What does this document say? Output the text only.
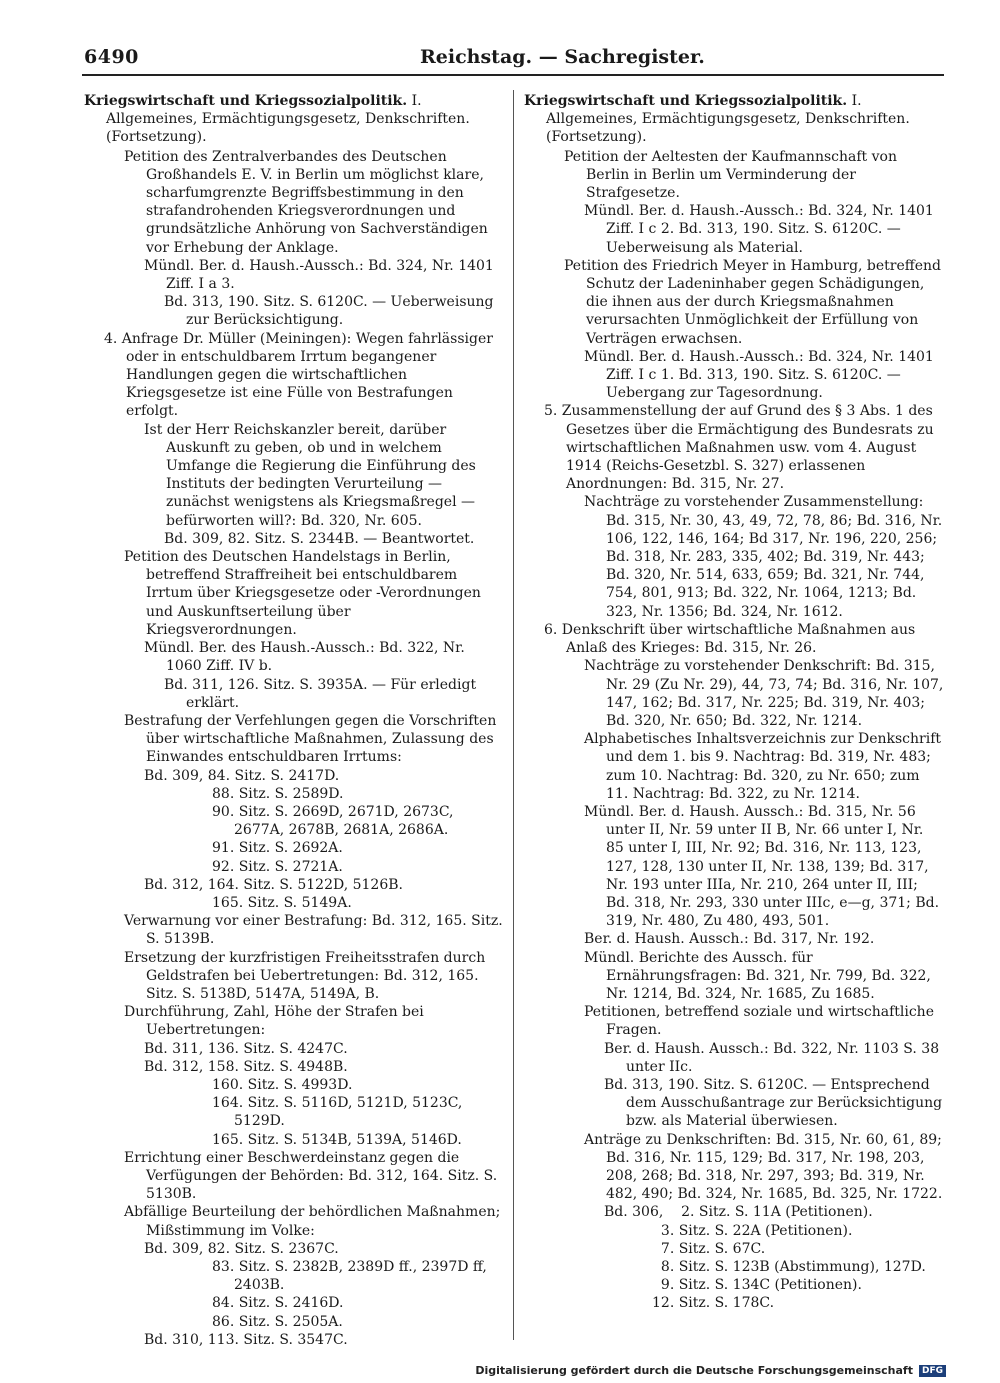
6490	Reichstag. — Sachregister.

Kriegswirtschaft und Kriegssozialpolitik. I. Allgemeines, Ermächtigungsgesetz, Denkschriften. (Fortsetzung).

Petition des Zentralverbandes des Deutschen Großhandels E. V. in Berlin um möglichst klare, scharfumgrenzte Begriffsbestimmung in den strafandrohenden Kriegsverordnungen und grundsätzliche Anhörung von Sachverständigen vor Erhebung der Anklage.

Mündl. Ber. d. Haush.-Aussch.: Bd. 324, Nr. 1401 Ziff. I a 3.

Bd. 313, 190. Sitz. S. 6120C. — Ueberweisung zur Berücksichtigung.

4. Anfrage Dr. Müller (Meiningen): Wegen fahrlässiger oder in entschuldbarem Irrtum begangener Handlungen gegen die wirtschaftlichen Kriegsgesetze ist eine Fülle von Bestrafungen erfolgt.

Ist der Herr Reichskanzler bereit, darüber Auskunft zu geben, ob und in welchem Umfange die Regierung die Einführung des Instituts der bedingten Verurteilung — zunächst wenigstens als Kriegsmaßregel — befürworten will?: Bd. 320, Nr. 605.

Bd. 309, 82. Sitz. S. 2344B. — Beantwortet.

Petition des Deutschen Handelstags in Berlin, betreffend Straffreiheit bei entschuldbarem Irrtum über Kriegsgesetze oder -Verordnungen und Auskunftserteilung über Kriegsverordnungen.

Mündl. Ber. des Haush.-Aussch.: Bd. 322, Nr. 1060 Ziff. IV b.

Bd. 311, 126. Sitz. S. 3935A. — Für erledigt erklärt.

Bestrafung der Verfehlungen gegen die Vorschriften über wirtschaftliche Maßnahmen, Zulassung des Einwandes entschuldbaren Irrtums:

Bd. 309, 84. Sitz. S. 2417D.

88. Sitz. S. 2589D.

90. Sitz. S. 2669D, 2671D, 2673C, 2677A, 2678B, 2681A, 2686A.

91. Sitz. S. 2692A.

92. Sitz. S. 2721A.

Bd. 312, 164. Sitz. S. 5122D, 5126B.

165. Sitz. S. 5149A.

Verwarnung vor einer Bestrafung: Bd. 312, 165. Sitz. S. 5139B.

Ersetzung der kurzfristigen Freiheitsstrafen durch Geldstrafen bei Uebertretungen: Bd. 312, 165. Sitz. S. 5138D, 5147A, 5149A, B.

Durchführung, Zahl, Höhe der Strafen bei Uebertretungen:

Bd. 311, 136. Sitz. S. 4247C.

Bd. 312, 158. Sitz. S. 4948B.

160. Sitz. S. 4993D.

164. Sitz. S. 5116D, 5121D, 5123C, 5129D.

165. Sitz. S. 5134B, 5139A, 5146D.

Errichtung einer Beschwerdeinstanz gegen die Verfügungen der Behörden: Bd. 312, 164. Sitz. S. 5130B.

Abfällige Beurteilung der behördlichen Maßnahmen; Mißstimmung im Volke:

Bd. 309, 82. Sitz. S. 2367C.

83. Sitz. S. 2382B, 2389D ff., 2397D ff, 2403B.

84. Sitz. S. 2416D.

86. Sitz. S. 2505A.

Bd. 310, 113. Sitz. S. 3547C.

Kriegswirtschaft und Kriegssozialpolitik. I. Allgemeines, Ermächtigungsgesetz, Denkschriften. (Fortsetzung).

Petition der Aeltesten der Kaufmannschaft von Berlin in Berlin um Verminderung der Strafgesetze.

Mündl. Ber. d. Haush.-Aussch.: Bd. 324, Nr. 1401 Ziff. I c 2. Bd. 313, 190. Sitz. S. 6120C. — Ueberweisung als Material.

Petition des Friedrich Meyer in Hamburg, betreffend Schutz der Ladeninhaber gegen Schädigungen, die ihnen aus der durch Kriegsmaßnahmen verursachten Unmöglichkeit der Erfüllung von Verträgen erwachsen.

Mündl. Ber. d. Haush.-Aussch.: Bd. 324, Nr. 1401 Ziff. I c 1. Bd. 313, 190. Sitz. S. 6120C. — Uebergang zur Tagesordnung.

5. Zusammenstellung der auf Grund des § 3 Abs. 1 des Gesetzes über die Ermächtigung des Bundesrats zu wirtschaftlichen Maßnahmen usw. vom 4. August 1914 (Reichs-Gesetzbl. S. 327) erlassenen Anordnungen: Bd. 315, Nr. 27.

Nachträge zu vorstehender Zusammenstellung: Bd. 315, Nr. 30, 43, 49, 72, 78, 86; Bd. 316, Nr. 106, 122, 146, 164; Bd 317, Nr. 196, 220, 256; Bd. 318, Nr. 283, 335, 402; Bd. 319, Nr. 443; Bd. 320, Nr. 514, 633, 659; Bd. 321, Nr. 744, 754, 801, 913; Bd. 322, Nr. 1064, 1213; Bd. 323, Nr. 1356; Bd. 324, Nr. 1612.

6. Denkschrift über wirtschaftliche Maßnahmen aus Anlaß des Krieges: Bd. 315, Nr. 26.

Nachträge zu vorstehender Denkschrift: Bd. 315, Nr. 29 (Zu Nr. 29), 44, 73, 74; Bd. 316, Nr. 107, 147, 162; Bd. 317, Nr. 225; Bd. 319, Nr. 403; Bd. 320, Nr. 650; Bd. 322, Nr. 1214.

Alphabetisches Inhaltsverzeichnis zur Denkschrift und dem 1. bis 9. Nachtrag: Bd. 319, Nr. 483; zum 10. Nachtrag: Bd. 320, zu Nr. 650; zum 11. Nachtrag: Bd. 322, zu Nr. 1214.

Mündl. Ber. d. Haush. Aussch.: Bd. 315, Nr. 56 unter II, Nr. 59 unter II B, Nr. 66 unter I, Nr. 85 unter I, III, Nr. 92; Bd. 316, Nr. 113, 123, 127, 128, 130 unter II, Nr. 138, 139; Bd. 317, Nr. 193 unter IIIa, Nr. 210, 264 unter II, III; Bd. 318, Nr. 293, 330 unter IIIc, e—g, 371; Bd. 319, Nr. 480, Zu 480, 493, 501.

Ber. d. Haush. Aussch.: Bd. 317, Nr. 192.

Mündl. Berichte des Aussch. für Ernährungsfragen: Bd. 321, Nr. 799, Bd. 322, Nr. 1214, Bd. 324, Nr. 1685, Zu 1685.

Petitionen, betreffend soziale und wirtschaftliche Fragen.

Ber. d. Haush. Aussch.: Bd. 322, Nr. 1103 S. 38 unter IIc.

Bd. 313, 190. Sitz. S. 6120C. — Entsprechend dem Ausschußantrage zur Berücksichtigung bzw. als Material überwiesen.

Anträge zu Denkschriften: Bd. 315, Nr. 60, 61, 89; Bd. 316, Nr. 115, 129; Bd. 317, Nr. 198, 203, 208, 268; Bd. 318, Nr. 297, 393; Bd. 319, Nr. 482, 490; Bd. 324, Nr. 1685, Bd. 325, Nr. 1722.

Bd. 306,    2. Sitz. S. 11A (Petitionen).

3. Sitz. S. 22A (Petitionen).

7. Sitz. S. 67C.

8. Sitz. S. 123B (Abstimmung), 127D.

9. Sitz. S. 134C (Petitionen).

12. Sitz. S. 178C.

Digitalisierung gefördert durch die Deutsche Forschungsgemeinschaft	DFG
